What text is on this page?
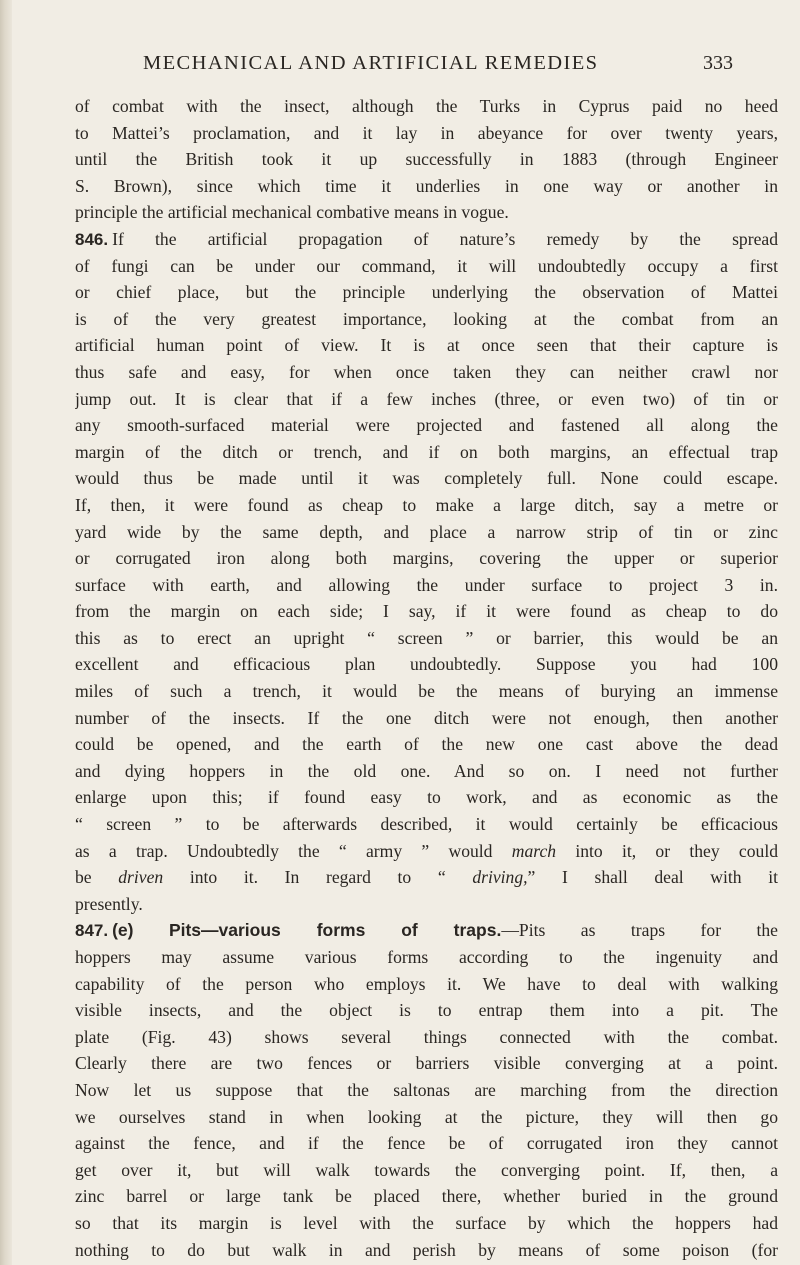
MECHANICAL AND ARTIFICIAL REMEDIES	333
of combat with the insect, although the Turks in Cyprus paid no heed
to Mattei’s proclamation, and it lay in abeyance for over twenty years,
until the British took it up successfully in 1883 (through Engineer
S. Brown), since which time it underlies in one way or another in
principle the artificial mechanical combative means in vogue.
846. If the artificial propagation of nature’s remedy by the spread
of fungi can be under our command, it will undoubtedly occupy a first
or chief place, but the principle underlying the observation of Mattei
is of the very greatest importance, looking at the combat from an
artificial human point of view. It is at once seen that their capture is
thus safe and easy, for when once taken they can neither crawl nor
jump out. It is clear that if a few inches (three, or even two) of tin or
any smooth-surfaced material were projected and fastened all along the
margin of the ditch or trench, and if on both margins, an effectual trap
would thus be made until it was completely full. None could escape.
If, then, it were found as cheap to make a large ditch, say a metre or
yard wide by the same depth, and place a narrow strip of tin or zinc
or corrugated iron along both margins, covering the upper or superior
surface with earth, and allowing the under surface to project 3 in.
from the margin on each side; I say, if it were found as cheap to do
this as to erect an upright “ screen ” or barrier, this would be an
excellent and efficacious plan undoubtedly. Suppose you had 100
miles of such a trench, it would be the means of burying an immense
number of the insects. If the one ditch were not enough, then another
could be opened, and the earth of the new one cast above the dead
and dying hoppers in the old one. And so on. I need not further
enlarge upon this; if found easy to work, and as economic as the
“ screen ” to be afterwards described, it would certainly be efficacious
as a trap. Undoubtedly the “ army ” would march into it, or they could
be driven into it. In regard to “ driving,” I shall deal with it
presently.
847. (e) Pits—various forms of traps.—Pits as traps for the
hoppers may assume various forms according to the ingenuity and
capability of the person who employs it. We have to deal with walking
visible insects, and the object is to entrap them into a pit. The
plate (Fig. 43) shows several things connected with the combat.
Clearly there are two fences or barriers visible converging at a point.
Now let us suppose that the saltonas are marching from the direction
we ourselves stand in when looking at the picture, they will then go
against the fence, and if the fence be of corrugated iron they cannot
get over it, but will walk towards the converging point. If, then, a
zinc barrel or large tank be placed there, whether buried in the ground
so that its margin is level with the surface by which the hoppers had
nothing to do but walk in and perish by means of some poison (for
